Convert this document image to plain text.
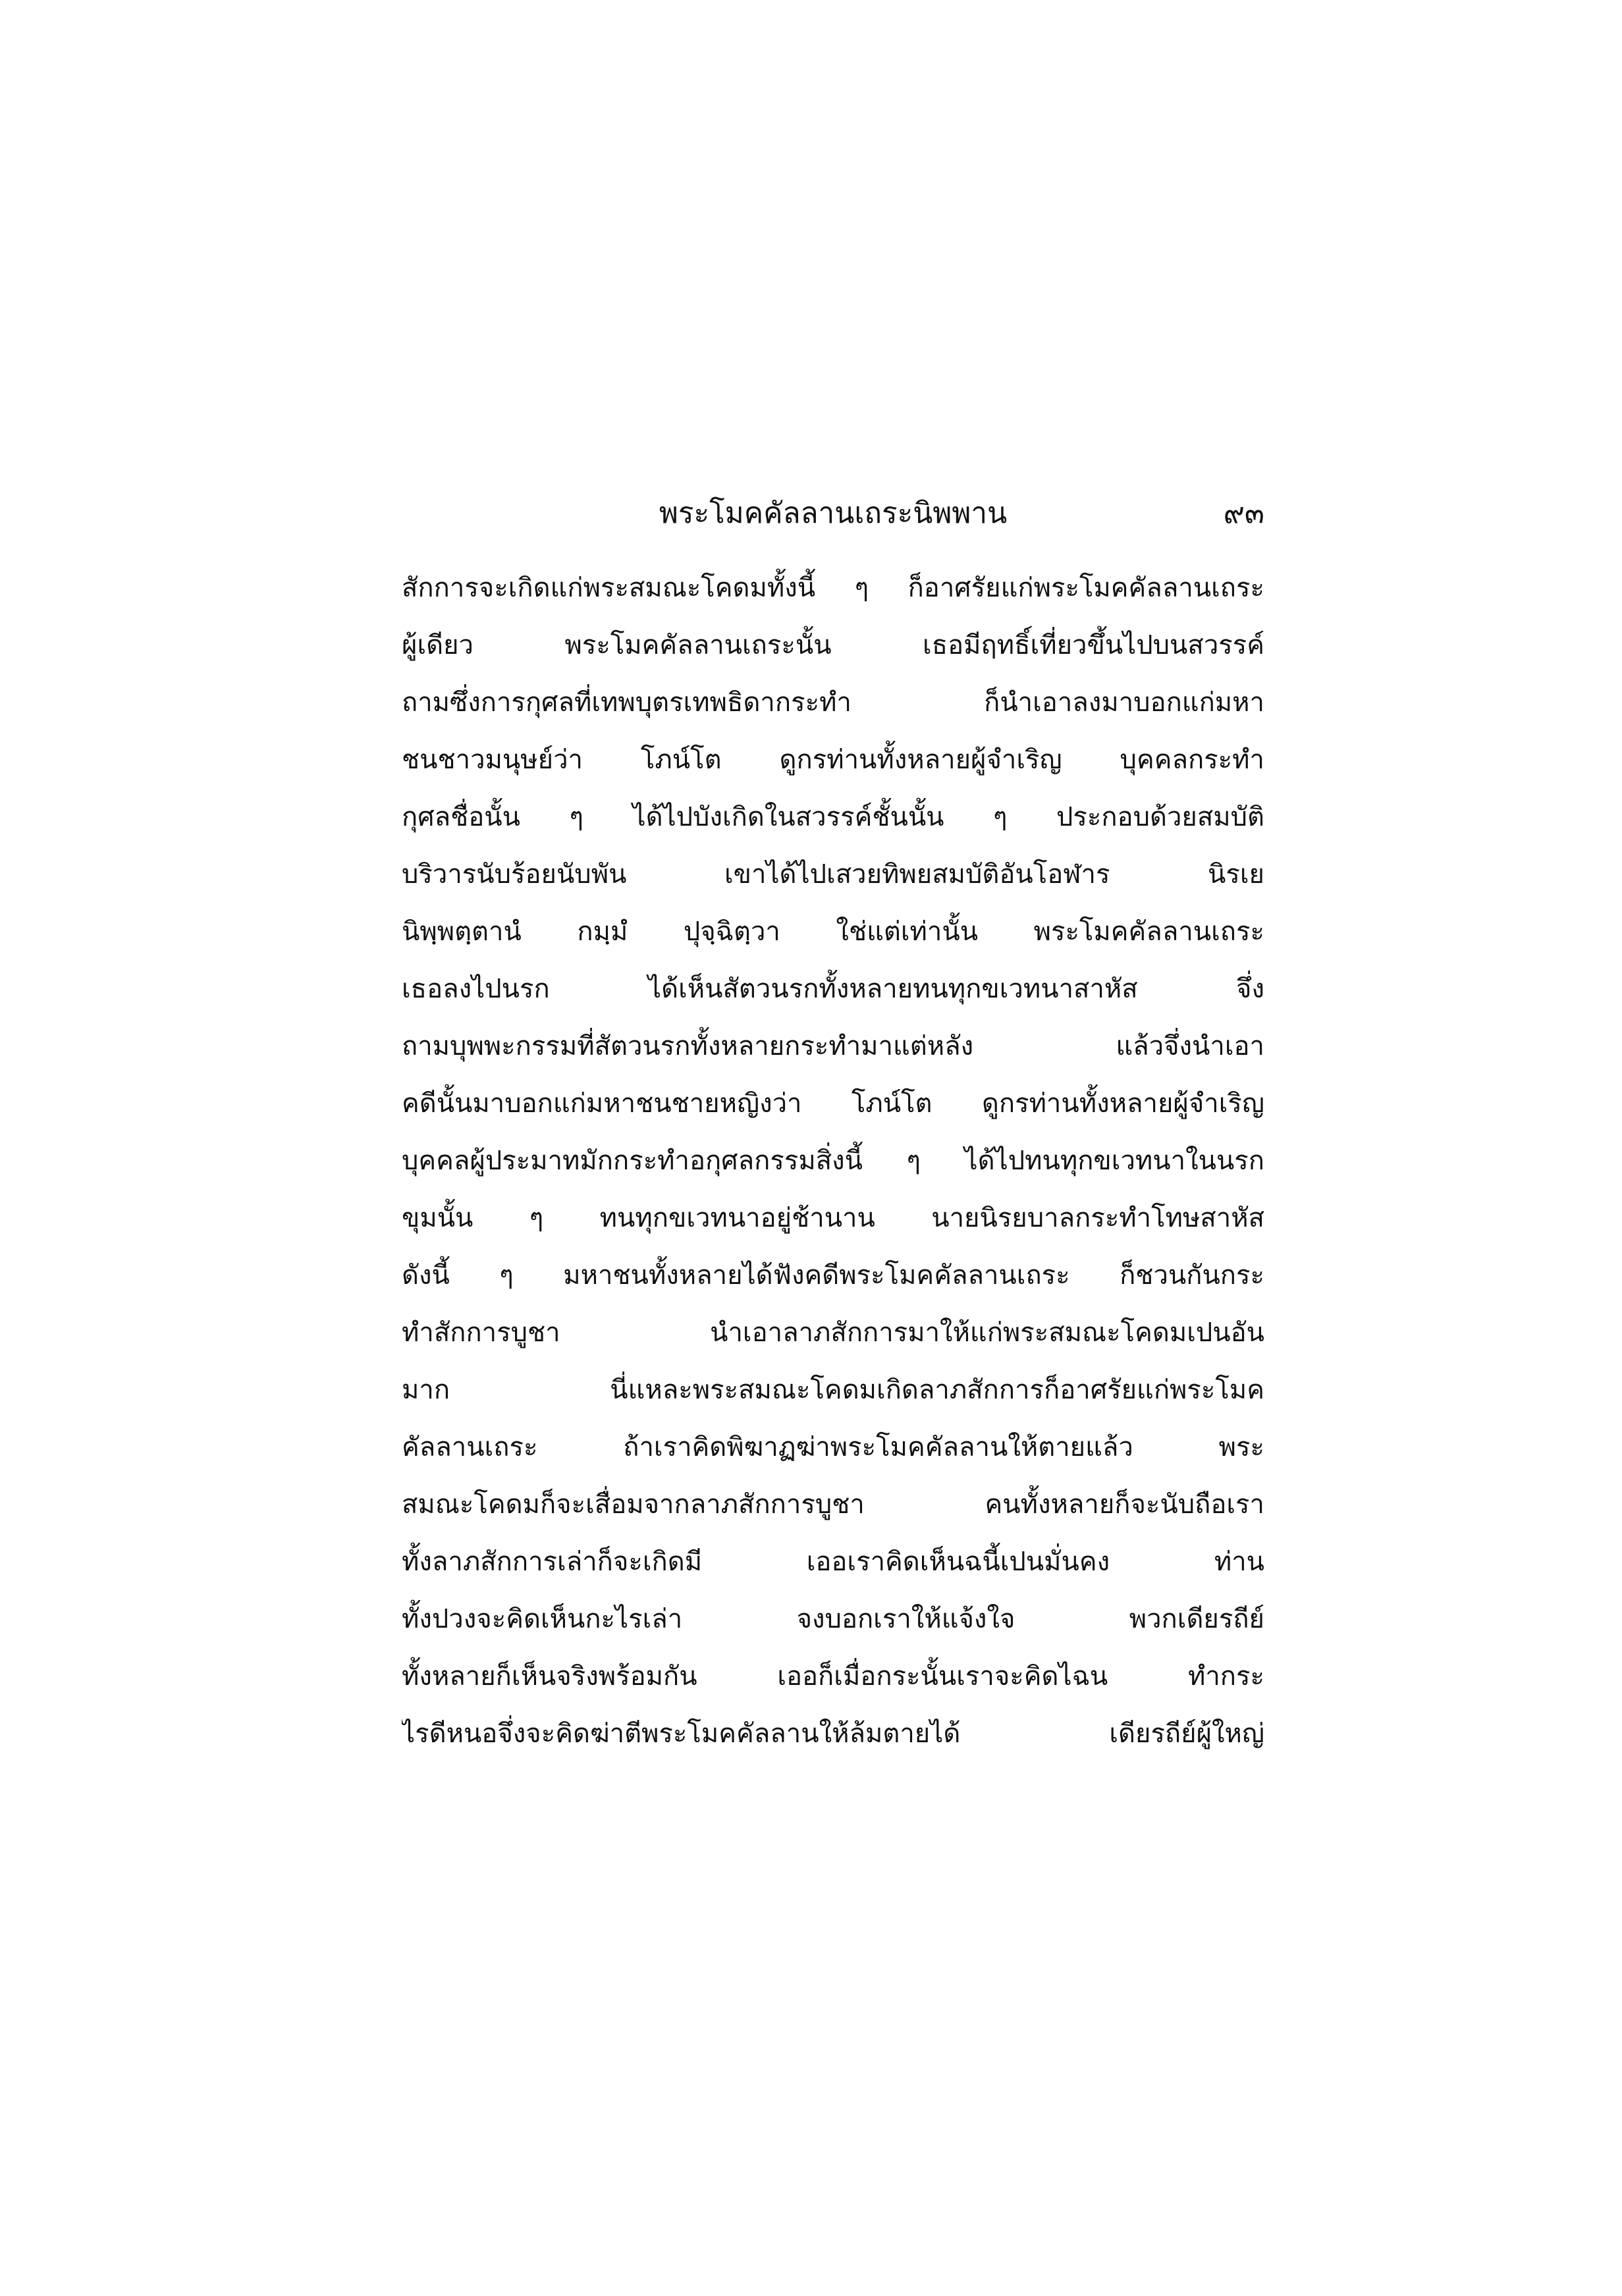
พระโมคคัลลานเถระนิพพาน	๙๓
สักการจะเกิดแก่พระสมณะโคดมทั้งนี้ ๆ ก็อาศรัยแก่พระโมคคัลลานเถระ
ผู้เดียว พระโมคคัลลานเถระนั้น เธอมีฤทธิ์เที่ยวขึ้นไปบนสวรรค์
ถามซึ่งการกุศลที่เทพบุตรเทพธิดากระทำ ก็นำเอาลงมาบอกแก่มหา
ชนชาวมนุษย์ว่า โภน์โต ดูกรท่านทั้งหลายผู้จำเริญ บุคคลกระทำ
กุศลชื่อนั้น ๆ ได้ไปบังเกิดในสวรรค์ชั้นนั้น ๆ ประกอบด้วยสมบัติ
บริวารนับร้อยนับพัน เขาได้ไปเสวยทิพยสมบัติอันโอฬาร นิรเย
นิพฺพตฺตานํ กมฺมํ ปุจฺฉิตฺวา ใช่แต่เท่านั้น พระโมคคัลลานเถระ
เธอลงไปนรก ได้เห็นสัตวนรกทั้งหลายทนทุกขเวทนาสาหัส จึ่ง
ถามบุพพะกรรมที่สัตวนรกทั้งหลายกระทำมาแต่หลัง แล้วจึ่งนำเอา
คดีนั้นมาบอกแก่มหาชนชายหญิงว่า โภน์โต ดูกรท่านทั้งหลายผู้จำเริญ
บุคคลผู้ประมาทมักกระทำอกุศลกรรมสิ่งนี้ ๆ ได้ไปทนทุกขเวทนาในนรก
ขุมนั้น ๆ ทนทุกขเวทนาอยู่ช้านาน นายนิรยบาลกระทำโทษสาหัส
ดังนี้ ๆ มหาชนทั้งหลายได้ฟังคดีพระโมคคัลลานเถระ ก็ชวนกันกระ
ทำสักการบูชา นำเอาลาภสักการมาให้แก่พระสมณะโคดมเปนอัน
มาก นี่แหละพระสมณะโคดมเกิดลาภสักการก็อาศรัยแก่พระโมค
คัลลานเถระ ถ้าเราคิดพิฆาฏฆ่าพระโมคคัลลานให้ตายแล้ว พระ
สมณะโคดมก็จะเสื่อมจากลาภสักการบูชา คนทั้งหลายก็จะนับถือเรา
ทั้งลาภสักการเล่าก็จะเกิดมี เออเราคิดเห็นฉนี้เปนมั่นคง ท่าน
ทั้งปวงจะคิดเห็นกะไรเล่า จงบอกเราให้แจ้งใจ พวกเดียรถีย์
ทั้งหลายก็เห็นจริงพร้อมกัน เออก็เมื่อกระนั้นเราจะคิดไฉน ทำกระ
ไรดีหนอจึ่งจะคิดฆ่าตีพระโมคคัลลานให้ล้มตายได้ เดียรถีย์ผู้ใหญ่
